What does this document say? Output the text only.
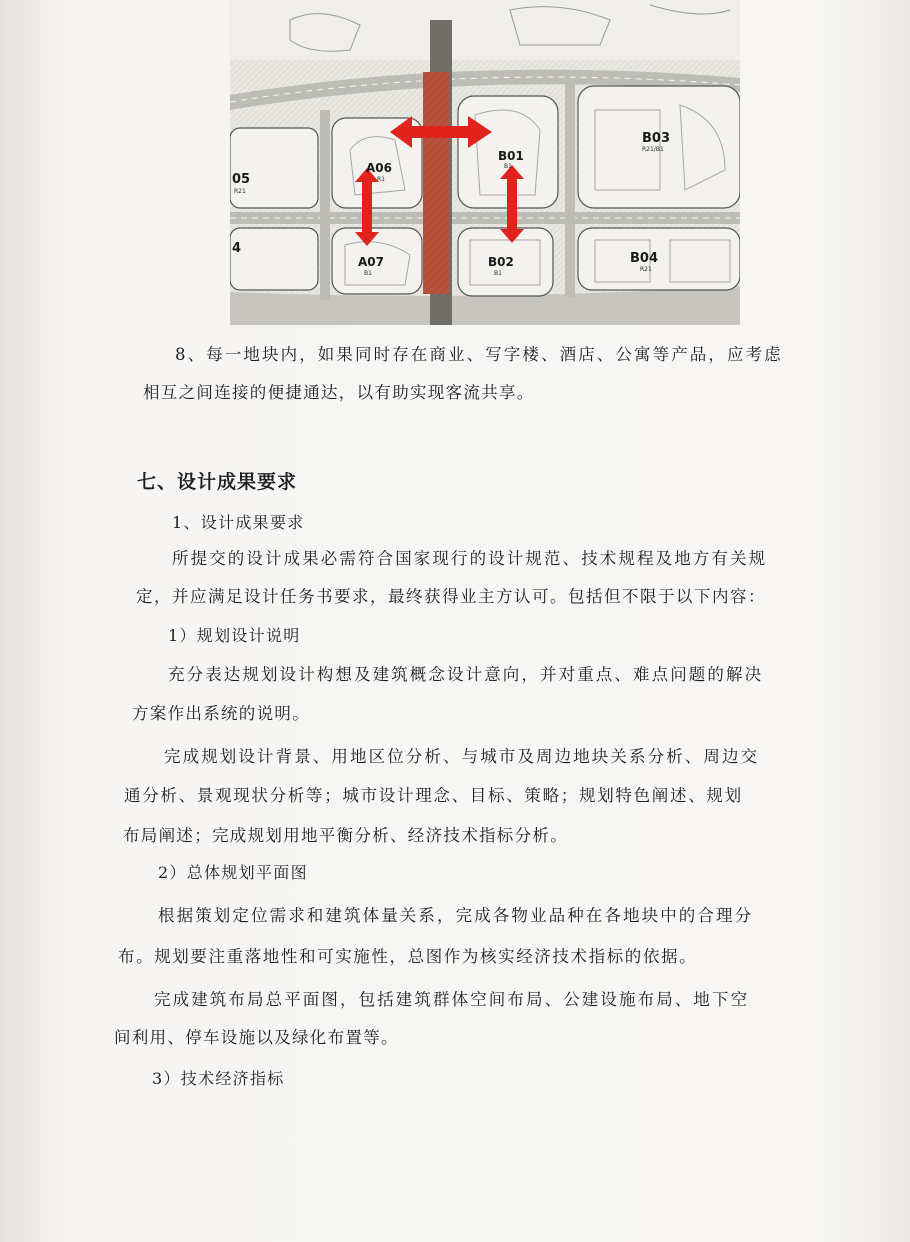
05
R21
A06
R1
A07
B1
B01
B1
B02
B1
B03
R21/B1
B04
R21
4
8、每一地块内，如果同时存在商业、写字楼、酒店、公寓等产品，应考虑
相互之间连接的便捷通达，以有助实现客流共享。
七、设计成果要求
1、设计成果要求
所提交的设计成果必需符合国家现行的设计规范、技术规程及地方有关规
定，并应满足设计任务书要求，最终获得业主方认可。包括但不限于以下内容：
1）规划设计说明
充分表达规划设计构想及建筑概念设计意向，并对重点、难点问题的解决
方案作出系统的说明。
完成规划设计背景、用地区位分析、与城市及周边地块关系分析、周边交
通分析、景观现状分析等；城市设计理念、目标、策略；规划特色阐述、规划
布局阐述；完成规划用地平衡分析、经济技术指标分析。
2）总体规划平面图
根据策划定位需求和建筑体量关系，完成各物业品种在各地块中的合理分
布。规划要注重落地性和可实施性，总图作为核实经济技术指标的依据。
完成建筑布局总平面图，包括建筑群体空间布局、公建设施布局、地下空
间利用、停车设施以及绿化布置等。
3）技术经济指标
